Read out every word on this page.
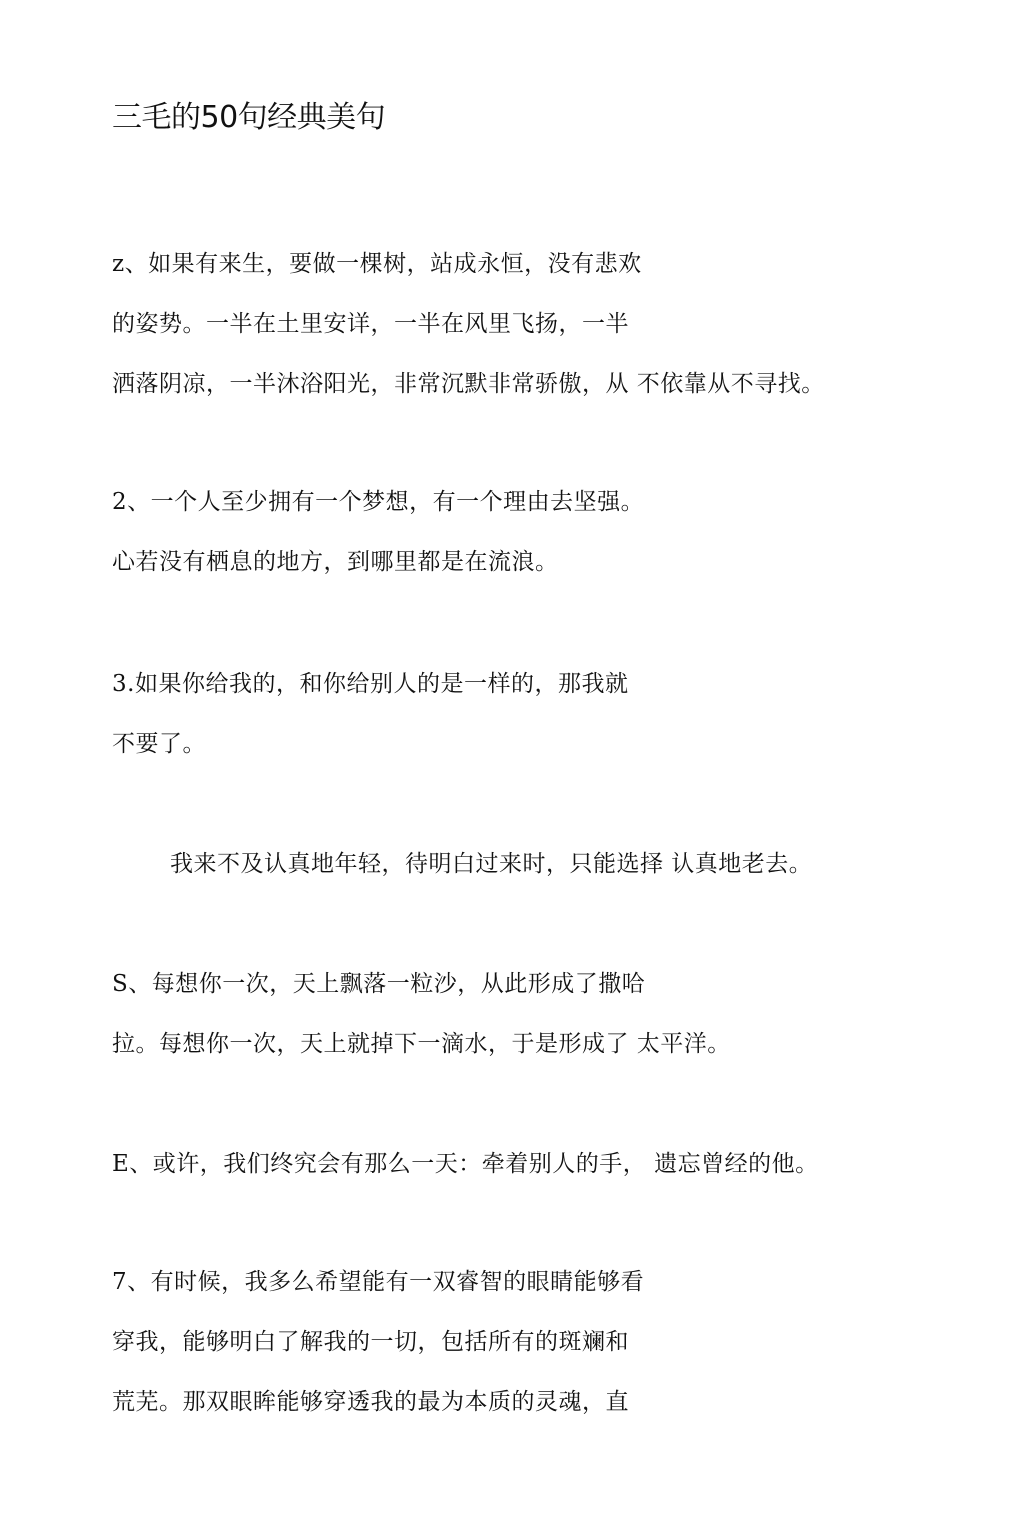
三毛的50句经典美句
z、如果有来生，要做一棵树，站成永恒，没有悲欢
的姿势。一半在土里安详，一半在风里飞扬，一半
洒落阴凉，一半沐浴阳光，非常沉默非常骄傲，从 不依靠从不寻找。
2、一个人至少拥有一个梦想，有一个理由去坚强。
心若没有栖息的地方，到哪里都是在流浪。
3.如果你给我的，和你给别人的是一样的，那我就
不要了。
我来不及认真地年轻，待明白过来时，只能选择 认真地老去。
S、每想你一次，天上飘落一粒沙，从此形成了撒哈
拉。每想你一次，天上就掉下一滴水，于是形成了 太平洋。
E、或许，我们终究会有那么一天：牵着别人的手， 遗忘曾经的他。
7、有时候，我多么希望能有一双睿智的眼睛能够看
穿我，能够明白了解我的一切，包括所有的斑斓和
荒芜。那双眼眸能够穿透我的最为本质的灵魂，直
